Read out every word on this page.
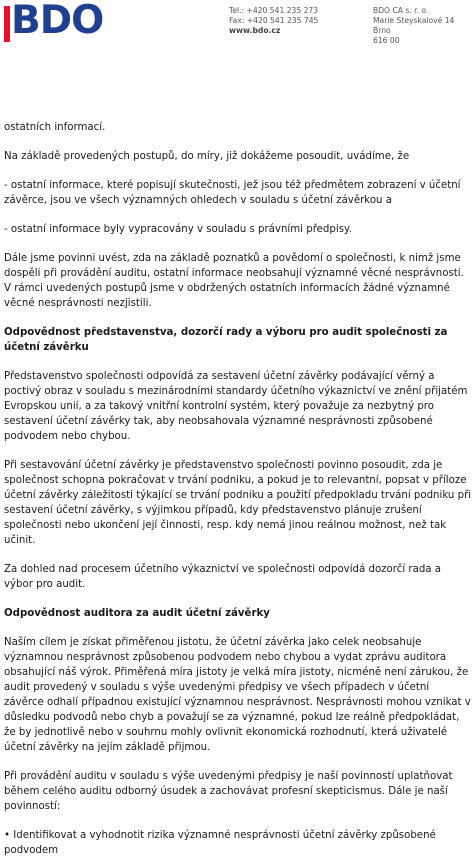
BDO	Tel.: +420 541 235 273
Fax: +420 541 235 745
www.bdo.cz
BDO CA s. r. o.
Marie Steyskalové 14
Brno
616 00

ostatních informací.

Na základě provedených postupů, do míry, již dokážeme posoudit, uvádíme, že

- ostatní informace, které popisují skutečnosti, jež jsou též předmětem zobrazení v účetní závěrce, jsou ve všech významných ohledech v souladu s účetní závěrkou a

- ostatní informace byly vypracovány v souladu s právními předpisy.

Dále jsme povinni uvést, zda na základě poznatků a povědomí o společnosti, k nimž jsme dospěli při provádění auditu, ostatní informace neobsahují významné věcné nesprávnosti. V rámci uvedených postupů jsme v obdržených ostatních informacích žádné významné věcné nesprávnosti nezjistili.

Odpovědnost představenstva, dozorčí rady a výboru pro audit společnosti za účetní závěrku

Představenstvo společnosti odpovídá za sestavení účetní závěrky podávající věrný a poctivý obraz v souladu s mezinárodními standardy účetního výkaznictví ve znění přijatém Evropskou unií, a za takový vnitřní kontrolní systém, který považuje za nezbytný pro sestavení účetní závěrky tak, aby neobsahovala významné nesprávnosti způsobené podvodem nebo chybou.

Při sestavování účetní závěrky je představenstvo společnosti povinno posoudit, zda je společnost schopna pokračovat v trvání podniku, a pokud je to relevantní, popsat v příloze účetní závěrky záležitosti týkající se trvání podniku a použití předpokladu trvání podniku při sestavení účetní závěrky, s výjimkou případů, kdy představenstvo plánuje zrušení společnosti nebo ukončení její činnosti, resp. kdy nemá jinou reálnou možnost, než tak učinit.

Za dohled nad procesem účetního výkaznictví ve společnosti odpovídá dozorčí rada a výbor pro audit.

Odpovědnost auditora za audit účetní závěrky

Naším cílem je získat přiměřenou jistotu, že účetní závěrka jako celek neobsahuje významnou nesprávnost způsobenou podvodem nebo chybou a vydat zprávu auditora obsahující náš výrok. Přiměřená míra jistoty je velká míra jistoty, nicméně není zárukou, že audit provedený v souladu s výše uvedenými předpisy ve všech případech v účetní závěrce odhalí případnou existující významnou nesprávnost. Nesprávnosti mohou vznikat v důsledku podvodů nebo chyb a považují se za významné, pokud lze reálně předpokládat, že by jednotlivě nebo v souhrnu mohly ovlivnit ekonomická rozhodnutí, která uživatelé účetní závěrky na jejím základě přijmou.

Při provádění auditu v souladu s výše uvedenými předpisy je naší povinností uplatňovat během celého auditu odborný úsudek a zachovávat profesní skepticismus. Dále je naší povinností:

• Identifikovat a vyhodnotit rizika významné nesprávnosti účetní závěrky způsobené podvodem
